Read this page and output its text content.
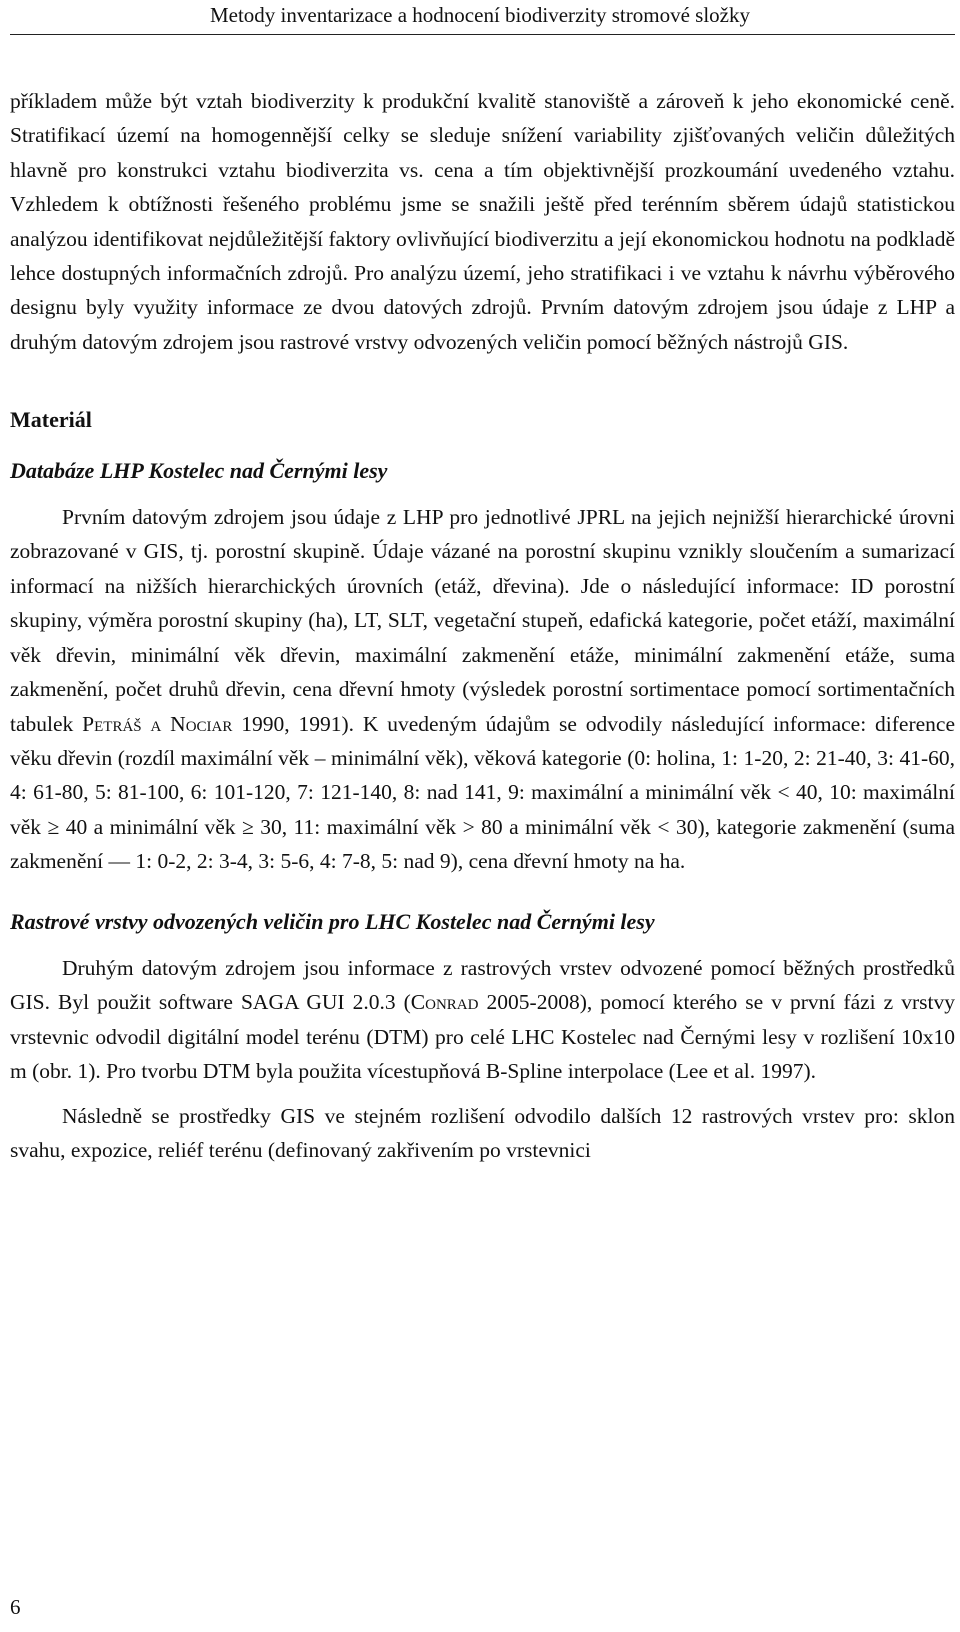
Metody inventarizace a hodnocení biodiverzity stromové složky

příkladem může být vztah biodiverzity k produkční kvalitě stanoviště a zároveň k jeho ekonomické ceně. Stratifikací území na homogennější celky se sleduje snížení variability zjišťovaných veličin důležitých hlavně pro konstrukci vztahu biodiverzita vs. cena a tím objektivnější prozkoumání uvedeného vztahu. Vzhledem k obtížnosti řešeného problému jsme se snažili ještě před terénním sběrem údajů statistickou analýzou identifikovat nejdůležitější faktory ovlivňující biodiverzitu a její ekonomickou hodnotu na podkladě lehce dostupných informačních zdrojů. Pro analýzu území, jeho stratifikaci i ve vztahu k návrhu výběrového designu byly využity informace ze dvou datových zdrojů. Prvním datovým zdrojem jsou údaje z LHP a druhým datovým zdrojem jsou rastrové vrstvy odvozených veličin pomocí běžných nástrojů GIS.

Materiál
Databáze LHP Kostelec nad Černými lesy

Prvním datovým zdrojem jsou údaje z LHP pro jednotlivé JPRL na jejich nejnižší hierarchické úrovni zobrazované v GIS, tj. porostní skupině. Údaje vázané na porostní skupinu vznikly sloučením a sumarizací informací na nižších hierarchických úrovních (etáž, dřevina). Jde o následující informace: ID porostní skupiny, výměra porostní skupiny (ha), LT, SLT, vegetační stupeň, edafická kategorie, počet etáží, maximální věk dřevin, minimální věk dřevin, maximální zakmenění etáže, minimální zakmenění etáže, suma zakmenění, počet druhů dřevin, cena dřevní hmoty (výsledek porostní sortimentace pomocí sortimentačních tabulek Petráš a Nociar 1990, 1991). K uvedeným údajům se odvodily následující informace: diference věku dřevin (rozdíl maximální věk – minimální věk), věková kategorie (0: holina, 1: 1-20, 2: 21-40, 3: 41-60, 4: 61-80, 5: 81-100, 6: 101-120, 7: 121-140, 8: nad 141, 9: maximální a minimální věk < 40, 10: maximální věk ≥ 40 a minimální věk ≥ 30, 11: maximální věk > 80 a minimální věk < 30), kategorie zakmenění (suma zakmenění — 1: 0-2, 2: 3-4, 3: 5-6, 4: 7-8, 5: nad 9), cena dřevní hmoty na ha.

Rastrové vrstvy odvozených veličin pro LHC Kostelec nad Černými lesy

Druhým datovým zdrojem jsou informace z rastrových vrstev odvozené pomocí běžných prostředků GIS. Byl použit software SAGA GUI 2.0.3 (Conrad 2005-2008), pomocí kterého se v první fázi z vrstvy vrstevnic odvodil digitální model terénu (DTM) pro celé LHC Kostelec nad Černými lesy v rozlišení 10x10 m (obr. 1). Pro tvorbu DTM byla použita vícestupňová B-Spline interpolace (Lee et al. 1997).

Následně se prostředky GIS ve stejném rozlišení odvodilo dalších 12 rastrových vrstev pro: sklon svahu, expozice, reliéf terénu (definovaný zakřivením po vrstevnici

6
